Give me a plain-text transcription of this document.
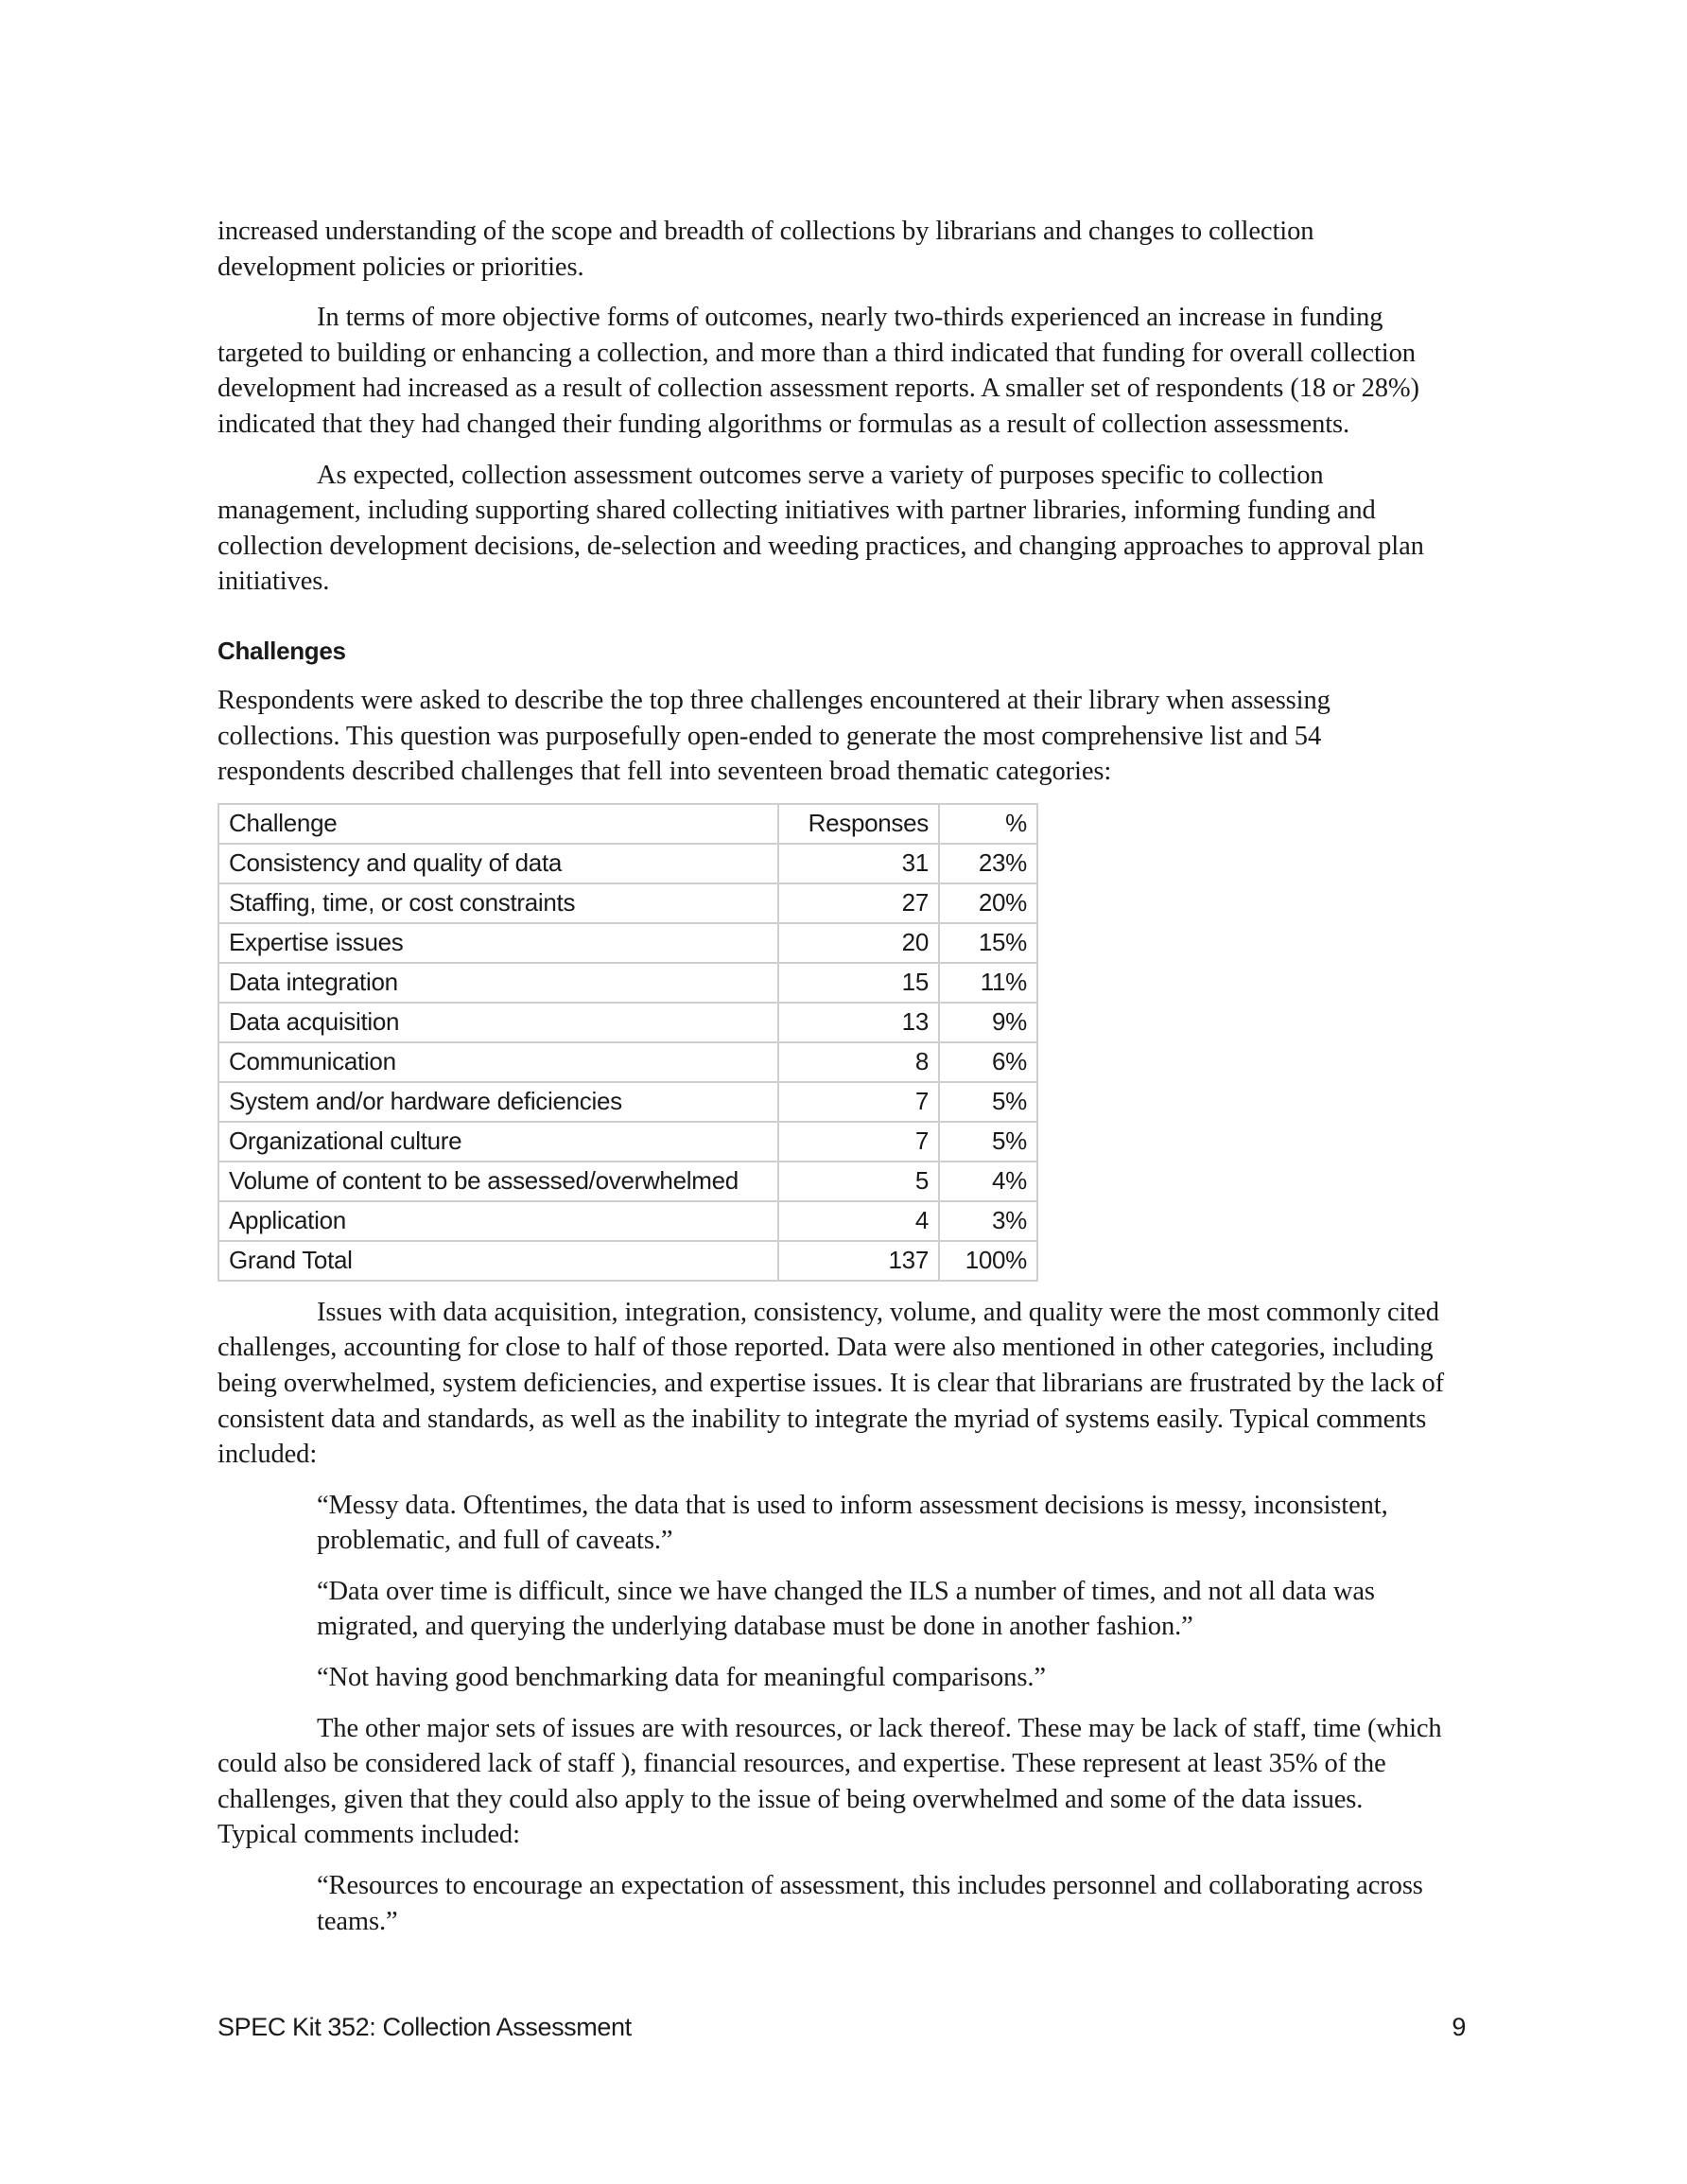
increased understanding of the scope and breadth of collections by librarians and changes to collection development policies or priorities.

In terms of more objective forms of outcomes, nearly two-thirds experienced an increase in funding targeted to building or enhancing a collection, and more than a third indicated that funding for overall collection development had increased as a result of collection assessment reports. A smaller set of respondents (18 or 28%) indicated that they had changed their funding algorithms or formulas as a result of collection assessments.

As expected, collection assessment outcomes serve a variety of purposes specific to collection management, including supporting shared collecting initiatives with partner libraries, informing funding and collection development decisions, de-selection and weeding practices, and changing approaches to approval plan initiatives.

Challenges

Respondents were asked to describe the top three challenges encountered at their library when assessing collections. This question was purposefully open-ended to generate the most comprehensive list and 54 respondents described challenges that fell into seventeen broad thematic categories:

Challenge	Responses	%
Consistency and quality of data	31	23%
Staffing, time, or cost constraints	27	20%
Expertise issues	20	15%
Data integration	15	11%
Data acquisition	13	9%
Communication	8	6%
System and/or hardware deficiencies	7	5%
Organizational culture	7	5%
Volume of content to be assessed/overwhelmed	5	4%
Application	4	3%
Grand Total	137	100%

Issues with data acquisition, integration, consistency, volume, and quality were the most commonly cited challenges, accounting for close to half of those reported. Data were also mentioned in other categories, including being overwhelmed, system deficiencies, and expertise issues. It is clear that librarians are frustrated by the lack of consistent data and standards, as well as the inability to integrate the myriad of systems easily. Typical comments included:

“Messy data. Oftentimes, the data that is used to inform assessment decisions is messy, inconsistent, problematic, and full of caveats.”

“Data over time is difficult, since we have changed the ILS a number of times, and not all data was migrated, and querying the underlying database must be done in another fashion.”

“Not having good benchmarking data for meaningful comparisons.”

The other major sets of issues are with resources, or lack thereof. These may be lack of staff, time (which could also be considered lack of staff ), financial resources, and expertise. These represent at least 35% of the challenges, given that they could also apply to the issue of being overwhelmed and some of the data issues. Typical comments included:

“Resources to encourage an expectation of assessment, this includes personnel and collaborating across teams.”

SPEC Kit 352: Collection Assessment	9
